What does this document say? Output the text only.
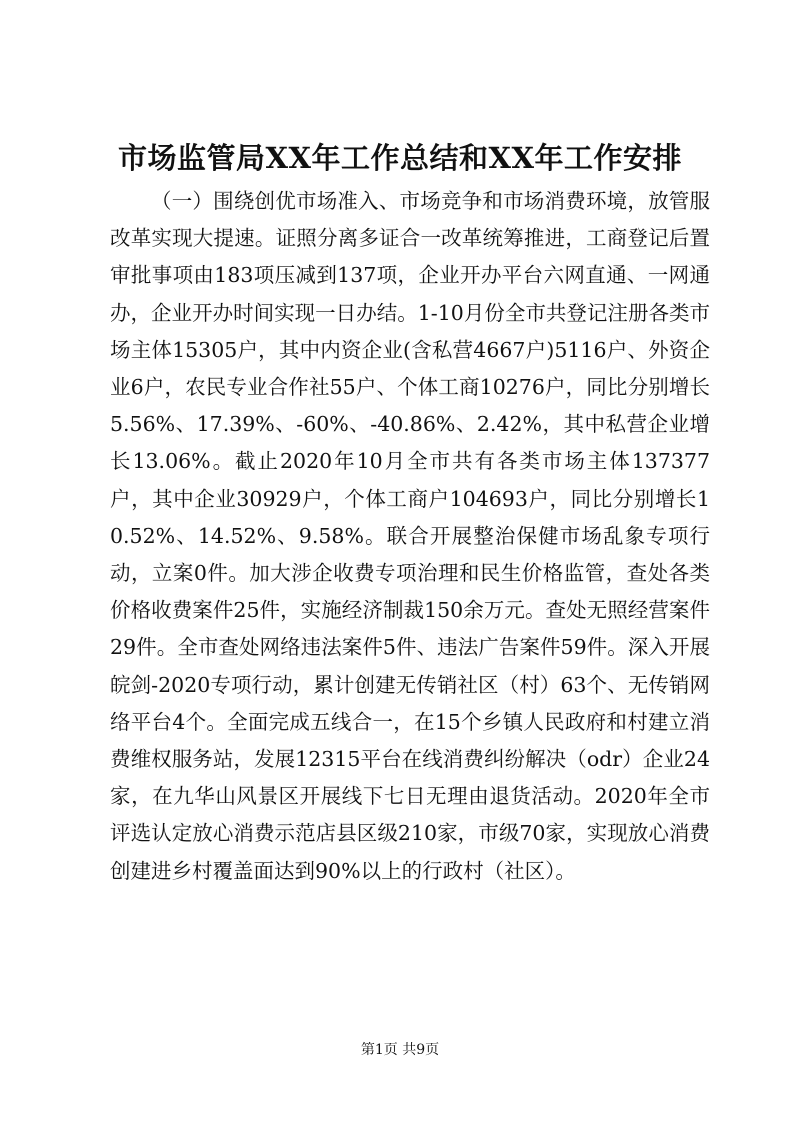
市场监管局XX年工作总结和XX年工作安排

（一）围绕创优市场准入、市场竞争和市场消费环境，放管服改革实现大提速。证照分离多证合一改革统筹推进，工商登记后置审批事项由183项压减到137项，企业开办平台六网直通、一网通办，企业开办时间实现一日办结。1-10月份全市共登记注册各类市场主体15305户，其中内资企业(含私营4667户)5116户、外资企业6户，农民专业合作社55户、个体工商10276户，同比分别增长5.56%、17.39%、-60%、-40.86%、2.42%，其中私营企业增长13.06%。截止2020年10月全市共有各类市场主体137377户，其中企业30929户，个体工商户104693户，同比分别增长10.52%、14.52%、9.58%。联合开展整治保健市场乱象专项行动，立案0件。加大涉企收费专项治理和民生价格监管，查处各类价格收费案件25件，实施经济制裁150余万元。查处无照经营案件29件。全市查处网络违法案件5件、违法广告案件59件。深入开展皖剑-2020专项行动，累计创建无传销社区（村）63个、无传销网络平台4个。全面完成五线合一，在15个乡镇人民政府和村建立消费维权服务站，发展12315平台在线消费纠纷解决（odr）企业24家，在九华山风景区开展线下七日无理由退货活动。2020年全市评选认定放心消费示范店县区级210家，市级70家，实现放心消费创建进乡村覆盖面达到90%以上的行政村（社区）。

第1页 共9页
